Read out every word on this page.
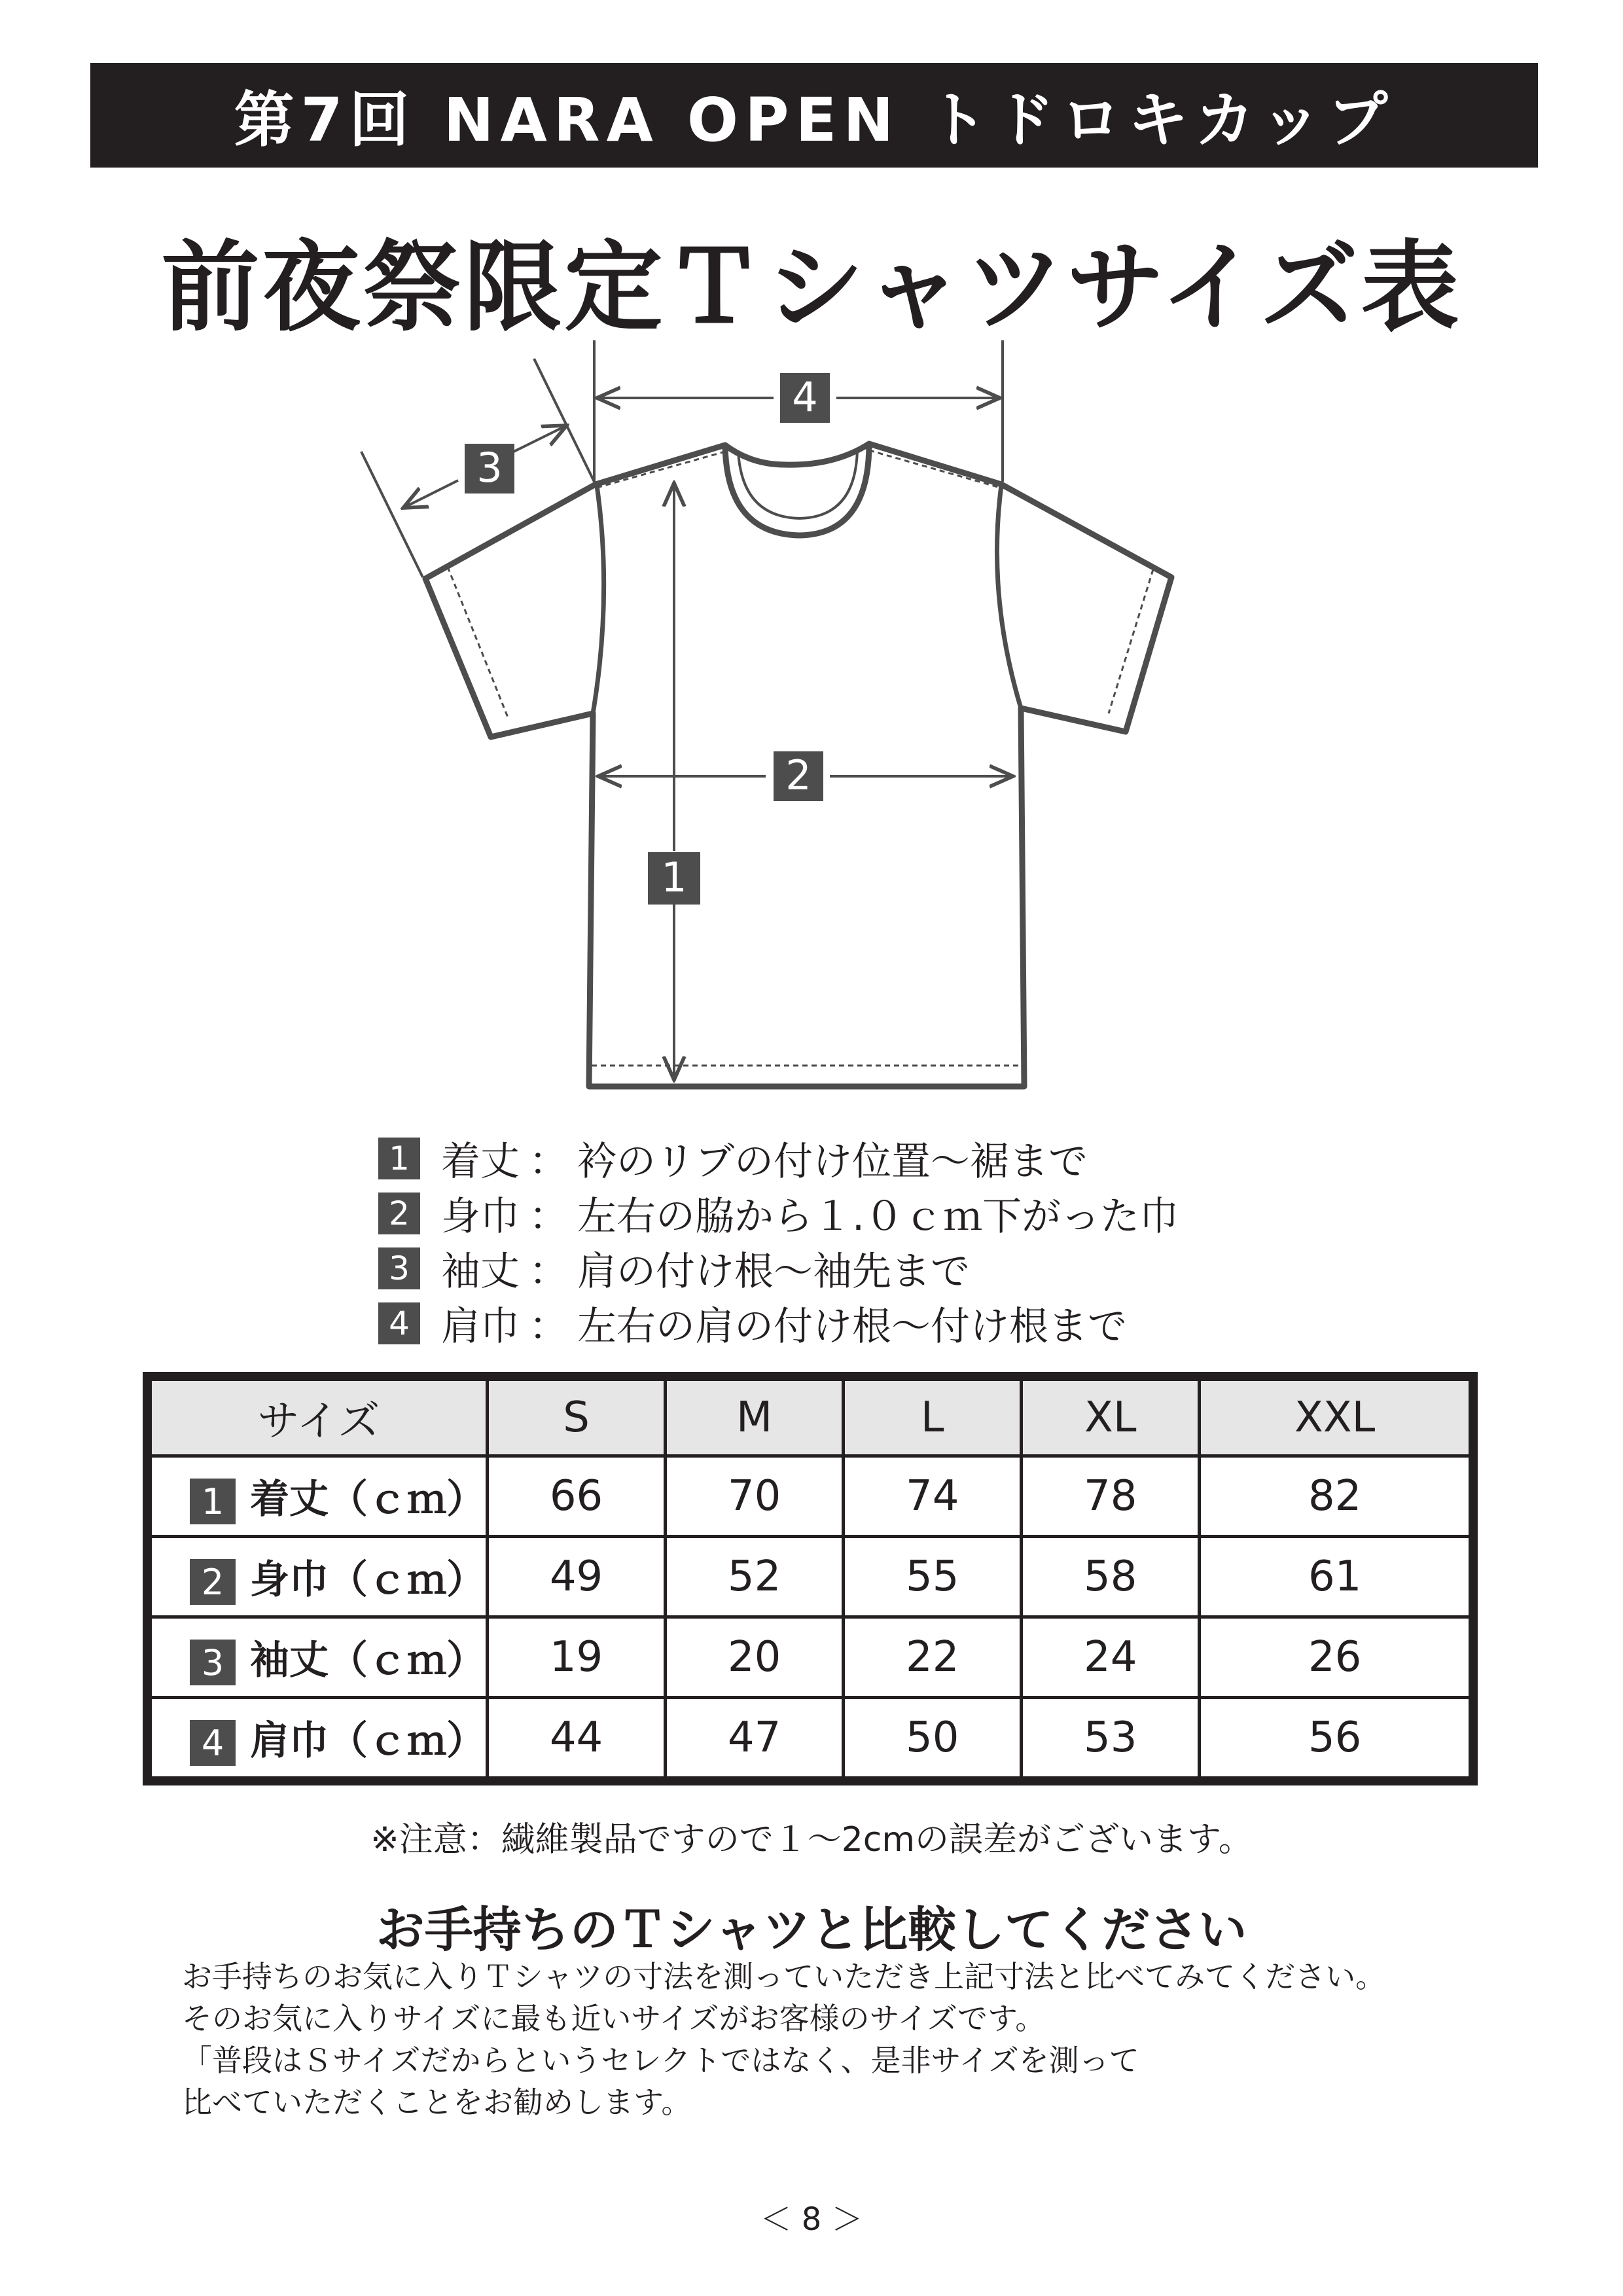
第7回 NARA OPEN トドロキカップ
前夜祭限定Ｔシャツサイズ表
4
3
2
1
1 着丈 ： 衿のリブの付け位置～裾まで
2 身巾 ： 左右の脇から１.０ｃｍ下がった巾
3 袖丈 ： 肩の付け根～袖先まで
4 肩巾 ： 左右の肩の付け根～付け根まで
サイズ	S	M	L	XL	XXL
1 着丈（ｃｍ）	66	70	74	78	82
2 身巾（ｃｍ）	49	52	55	58	61
3 袖丈（ｃｍ）	19	20	22	24	26
4 肩巾（ｃｍ）	44	47	50	53	56
※注意：繊維製品ですので１～2cmの誤差がございます。
お手持ちのＴシャツと比較してください
お手持ちのお気に入りＴシャツの寸法を測っていただき上記寸法と比べてみてください。
そのお気に入りサイズに最も近いサイズがお客様のサイズです。
「普段はＳサイズだからというセレクトではなく、是非サイズを測って
比べていただくことをお勧めします。
＜ 8 ＞
